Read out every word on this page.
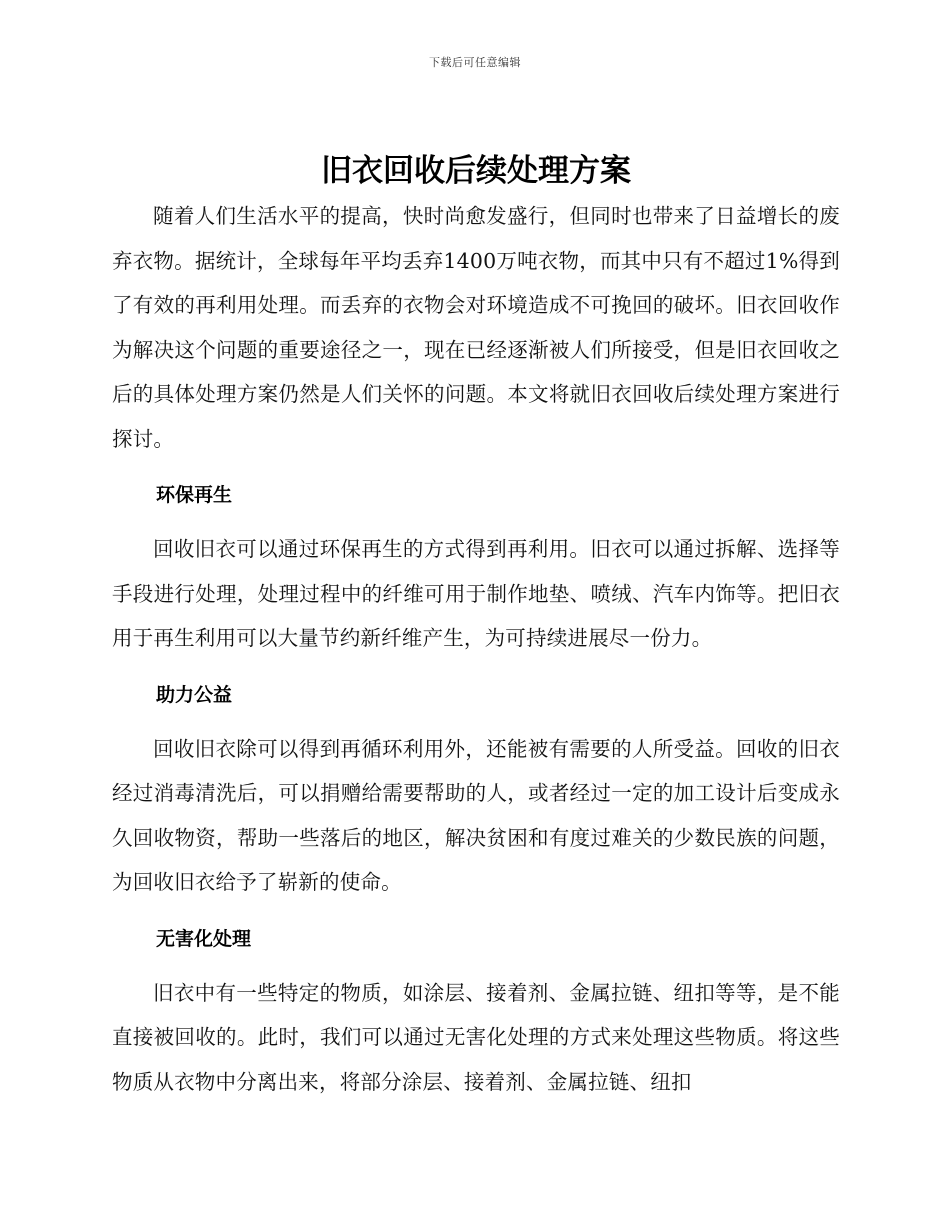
下载后可任意编辑
旧衣回收后续处理方案

随着人们生活水平的提高，快时尚愈发盛行，但同时也带来了日益增长的废弃衣物。据统计，全球每年平均丢弃1400万吨衣物，而其中只有不超过1%得到了有效的再利用处理。而丢弃的衣物会对环境造成不可挽回的破坏。旧衣回收作为解决这个问题的重要途径之一，现在已经逐渐被人们所接受，但是旧衣回收之后的具体处理方案仍然是人们关怀的问题。本文将就旧衣回收后续处理方案进行探讨。

环保再生

回收旧衣可以通过环保再生的方式得到再利用。旧衣可以通过拆解、选择等手段进行处理，处理过程中的纤维可用于制作地垫、喷绒、汽车内饰等。把旧衣用于再生利用可以大量节约新纤维产生，为可持续进展尽一份力。

助力公益

回收旧衣除可以得到再循环利用外，还能被有需要的人所受益。回收的旧衣经过消毒清洗后，可以捐赠给需要帮助的人，或者经过一定的加工设计后变成永久回收物资，帮助一些落后的地区，解决贫困和有度过难关的少数民族的问题，为回收旧衣给予了崭新的使命。

无害化处理

旧衣中有一些特定的物质，如涂层、接着剂、金属拉链、纽扣等等，是不能直接被回收的。此时，我们可以通过无害化处理的方式来处理这些物质。将这些物质从衣物中分离出来，将部分涂层、接着剂、金属拉链、纽扣
